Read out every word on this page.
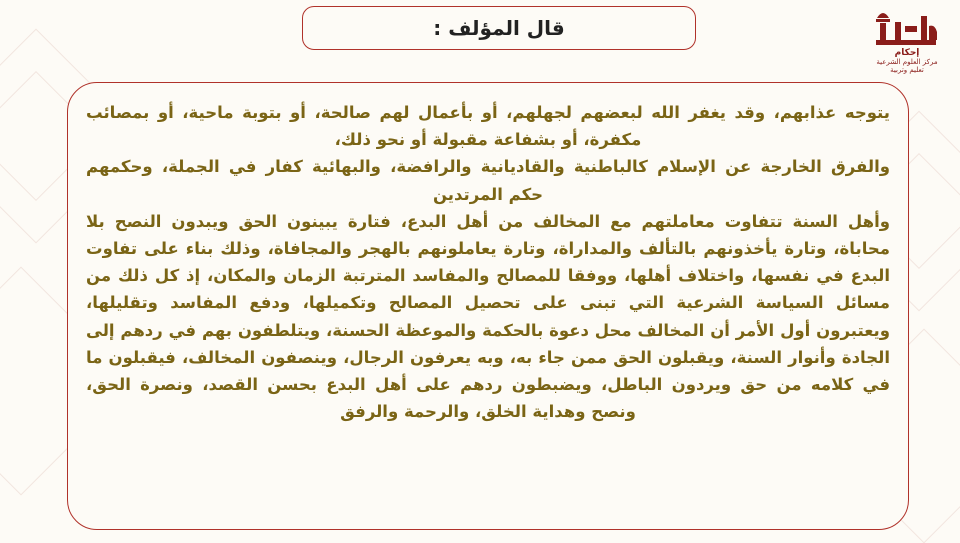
قال المؤلف :
إحكام
مركز العلوم الشرعية
تعليم وتربية

يتوجه عذابهم، وقد يغفر الله لبعضهم لجهلهم، أو بأعمال لهم صالحة، أو بتوبة ماحية، أو بمصائب مكفرة، أو بشفاعة مقبولة أو نحو ذلك،

والفرق الخارجة عن الإسلام كالباطنية والقاديانية والرافضة، والبهائية كفار في الجملة، وحكمهم حكم المرتدين

وأهل السنة تتفاوت معاملتهم مع المخالف من أهل البدع، فتارة يبينون الحق ويبدون النصح بلا محاباة، وتارة يأخذونهم بالتألف والمداراة، وتارة يعاملونهم بالهجر والمجافاة، وذلك بناء على تفاوت البدع في نفسها، واختلاف أهلها، ووفقا للمصالح والمفاسد المترتبة الزمان والمكان، إذ كل ذلك من مسائل السياسة الشرعية التي تبنى على تحصيل المصالح وتكميلها، ودفع المفاسد وتقليلها، ويعتبرون أول الأمر أن المخالف محل دعوة بالحكمة والموعظة الحسنة، ويتلطفون بهم في ردهم إلى الجادة وأنوار السنة، ويقبلون الحق ممن جاء به، وبه يعرفون الرجال، وينصفون المخالف، فيقبلون ما في كلامه من حق ويردون الباطل، ويضبطون ردهم على أهل البدع بحسن القصد، ونصرة الحق، ونصح وهداية الخلق، والرحمة والرفق
